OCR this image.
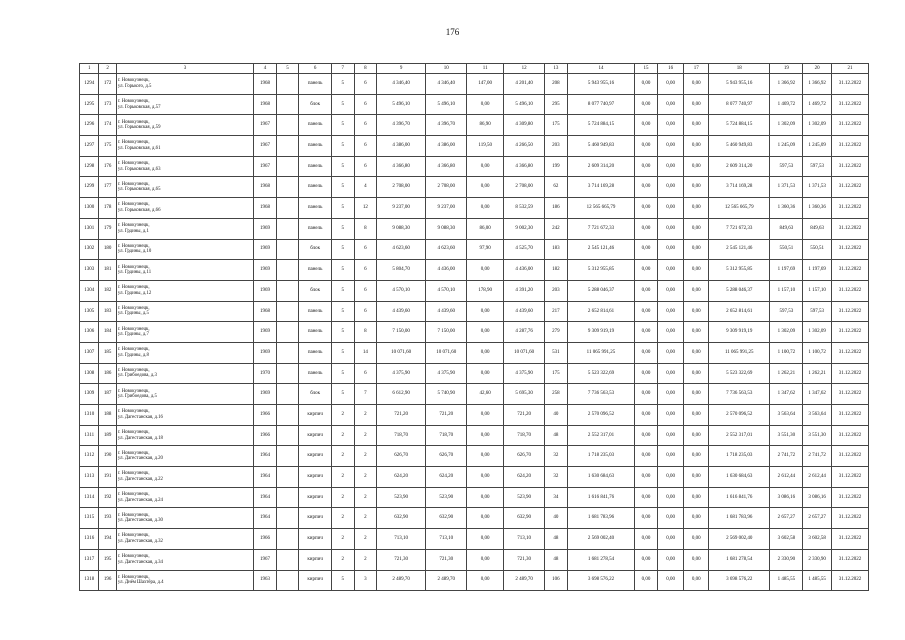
176
1	2	3	4	5	6	7	8	9	10	11	12	13	14	15	16	17	18	19	20	21
1294	172	г. Новокузнецк,
ул. Горького, д.5	1968		панель	5	6	4 346,40	4 346,40	147,00	4 201,40	208	5 943 955,16	0,00	0,00	0,00	5 943 955,16	1 366,92	1 366,92	31.12.2022
1295	173	г. Новокузнецк,
ул. Горьковская, д.57	1968		блок	5	6	5 496,10	5 496,10	0,00	5 496,10	295	8 077 740,97	0,00	0,00	0,00	8 077 740,97	1 469,72	1 469,72	31.12.2022
1296	174	г. Новокузнецк,
ул. Горьковская, д.59	1967		панель	5	6	4 396,70	4 396,70	86,90	4 309,80	175	5 724 884,15	0,00	0,00	0,00	5 724 884,15	1 302,09	1 302,09	31.12.2022
1297	175	г. Новокузнецк,
ул. Горьковская, д.61	1967		панель	5	6	4 386,00	4 386,00	119,50	4 266,50	203	5 460 949,83	0,00	0,00	0,00	5 460 949,83	1 245,09	1 245,09	31.12.2022
1298	176	г. Новокузнецк,
ул. Горьковская, д.63	1967		панель	5	6	4 366,80	4 366,80	0,00	4 366,80	199	2 609 314,20	0,00	0,00	0,00	2 609 314,20	597,53	597,53	31.12.2022
1299	177	г. Новокузнецк,
ул. Горьковская, д.65	1968		панель	5	4	2 708,00	2 708,00	0,00	2 708,00	62	3 714 169,28	0,00	0,00	0,00	3 714 169,28	1 371,53	1 371,53	31.12.2022
1300	178	г. Новокузнецк,
ул. Горьковская, д.66	1968		панель	5	12	9 237,00	9 237,00	0,00	8 532,59	186	12 565 665,79	0,00	0,00	0,00	12 565 665,79	1 360,36	1 360,36	31.12.2022
1301	179	г. Новокузнецк,
ул. Грдины, д.1	1969		панель	5	8	9 088,30	9 088,30	86,00	9 002,30	242	7 721 672,33	0,00	0,00	0,00	7 721 672,33	849,63	849,63	31.12.2022
1302	180	г. Новокузнецк,
ул. Грдины, д.10	1969		блок	5	6	4 623,60	4 623,60	97,90	4 525,70	183	2 545 121,46	0,00	0,00	0,00	2 545 121,46	550,51	550,51	31.12.2022
1303	181	г. Новокузнецк,
ул. Грдины, д.11	1969		панель	5	6	5 804,70	4 436,00	0,00	4 436,00	182	5 312 955,85	0,00	0,00	0,00	5 312 955,85	1 197,69	1 197,69	31.12.2022
1304	182	г. Новокузнецк,
ул. Грдины, д.12	1969		блок	5	6	4 570,10	4 570,10	178,90	4 391,20	203	5 288 046,37	0,00	0,00	0,00	5 288 046,37	1 157,10	1 157,10	31.12.2022
1305	183	г. Новокузнецк,
ул. Грдины, д.5	1968		панель	5	6	4 439,60	4 439,60	0,00	4 439,60	217	2 652 814,61	0,00	0,00	0,00	2 652 814,61	597,53	597,53	31.12.2022
1306	184	г. Новокузнецк,
ул. Грдины, д.7	1969		панель	5	8	7 150,00	7 150,00	0,00	4 287,76	279	9 309 919,19	0,00	0,00	0,00	9 309 919,19	1 302,09	1 302,09	31.12.2022
1307	185	г. Новокузнецк,
ул. Грдины, д.8	1969		панель	5	14	10 071,60	10 071,60	0,00	10 071,60	531	11 065 991,25	0,00	0,00	0,00	11 065 991,25	1 100,72	1 100,72	31.12.2022
1308	186	г. Новокузнецк,
ул. Грибоедова, д.3	1970		панель	5	6	4 375,90	4 375,90	0,00	4 375,90	175	5 523 322,69	0,00	0,00	0,00	5 523 322,69	1 262,21	1 262,21	31.12.2022
1309	187	г. Новокузнецк,
ул. Грибоедова, д.5	1969		блок	5	7	6 612,90	5 740,90	42,60	5 695,30	258	7 736 563,53	0,00	0,00	0,00	7 736 563,53	1 347,62	1 347,62	31.12.2022
1310	188	г. Новокузнецк,
ул. Дагестанская, д.16	1966		кирпич	2	2	721,20	721,20	0,00	721,20	40	2 570 096,52	0,00	0,00	0,00	2 570 096,52	3 563,64	3 563,64	31.12.2022
1311	189	г. Новокузнецк,
ул. Дагестанская, д.18	1966		кирпич	2	2	718,70	718,70	0,00	718,70	48	2 552 317,01	0,00	0,00	0,00	2 552 317,01	3 551,30	3 551,30	31.12.2022
1312	190	г. Новокузнецк,
ул. Дагестанская, д.20	1964		кирпич	2	2	626,70	626,70	0,00	626,70	32	1 718 235,03	0,00	0,00	0,00	1 718 235,03	2 741,72	2 741,72	31.12.2022
1313	191	г. Новокузнецк,
ул. Дагестанская, д.22	1964		кирпич	2	2	624,20	624,20	0,00	624,20	32	1 630 684,63	0,00	0,00	0,00	1 630 684,63	2 612,44	2 612,44	31.12.2022
1314	192	г. Новокузнецк,
ул. Дагестанская, д.24	1964		кирпич	2	2	523,90	523,90	0,00	523,90	34	1 616 841,76	0,00	0,00	0,00	1 616 841,76	3 086,16	3 086,16	31.12.2022
1315	193	г. Новокузнецк,
ул. Дагестанская, д.30	1964		кирпич	2	2	632,90	632,90	0,00	632,90	40	1 681 783,96	0,00	0,00	0,00	1 681 783,96	2 657,27	2 657,27	31.12.2022
1316	194	г. Новокузнецк,
ул. Дагестанская, д.32	1966		кирпич	2	2	713,10	713,10	0,00	713,10	48	2 569 002,40	0,00	0,00	0,00	2 569 002,40	3 602,58	3 602,58	31.12.2022
1317	195	г. Новокузнецк,
ул. Дагестанская, д.34	1967		кирпич	2	2	721,30	721,30	0,00	721,30	48	1 681 278,54	0,00	0,00	0,00	1 681 278,54	2 330,90	2 330,90	31.12.2022
1318	196	г. Новокузнецк,
ул. Днём Шахтёра, д.4	1963		кирпич	5	3	2 489,70	2 489,70	0,00	2 489,70	106	3 698 576,22	0,00	0,00	0,00	3 698 576,22	1 485,55	1 485,55	31.12.2022
